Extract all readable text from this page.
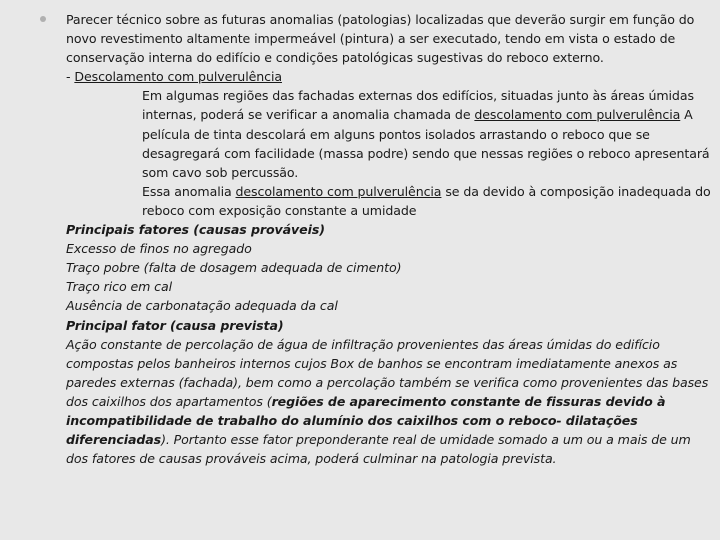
Parecer técnico sobre as futuras anomalias (patologias) localizadas que deverão surgir em função do novo revestimento altamente impermeável (pintura) a ser executado, tendo em vista o estado de conservação interna do edifício e condições patológicas sugestivas do reboco externo.

- Descolamento com pulverulência

Em algumas regiões das fachadas externas dos edifícios, situadas junto às áreas úmidas internas, poderá se verificar a anomalia chamada de descolamento com pulverulência A película de tinta descolará em alguns pontos isolados arrastando o reboco que se desagregará com facilidade (massa podre) sendo que nessas regiões o reboco apresentará som cavo sob percussão.

Essa anomalia descolamento com pulverulência se da devido à composição inadequada do reboco com exposição constante a umidade

Principais fatores (causas prováveis)

Excesso de finos no agregado

Traço pobre (falta de dosagem adequada de cimento)

Traço rico em cal

Ausência de carbonatação adequada da cal

Principal fator (causa prevista)

Ação constante de percolação de água de infiltração provenientes das áreas úmidas do edifício compostas pelos banheiros internos cujos Box de banhos se encontram imediatamente anexos as paredes externas (fachada), bem como a percolação também se verifica como provenientes das bases dos caixilhos dos apartamentos (regiões de aparecimento constante de fissuras devido à incompatibilidade de trabalho do alumínio dos caixilhos com o reboco- dilatações diferenciadas). Portanto esse fator preponderante real de umidade somado a um ou a mais de um dos fatores de causas prováveis acima, poderá culminar na patologia prevista.
